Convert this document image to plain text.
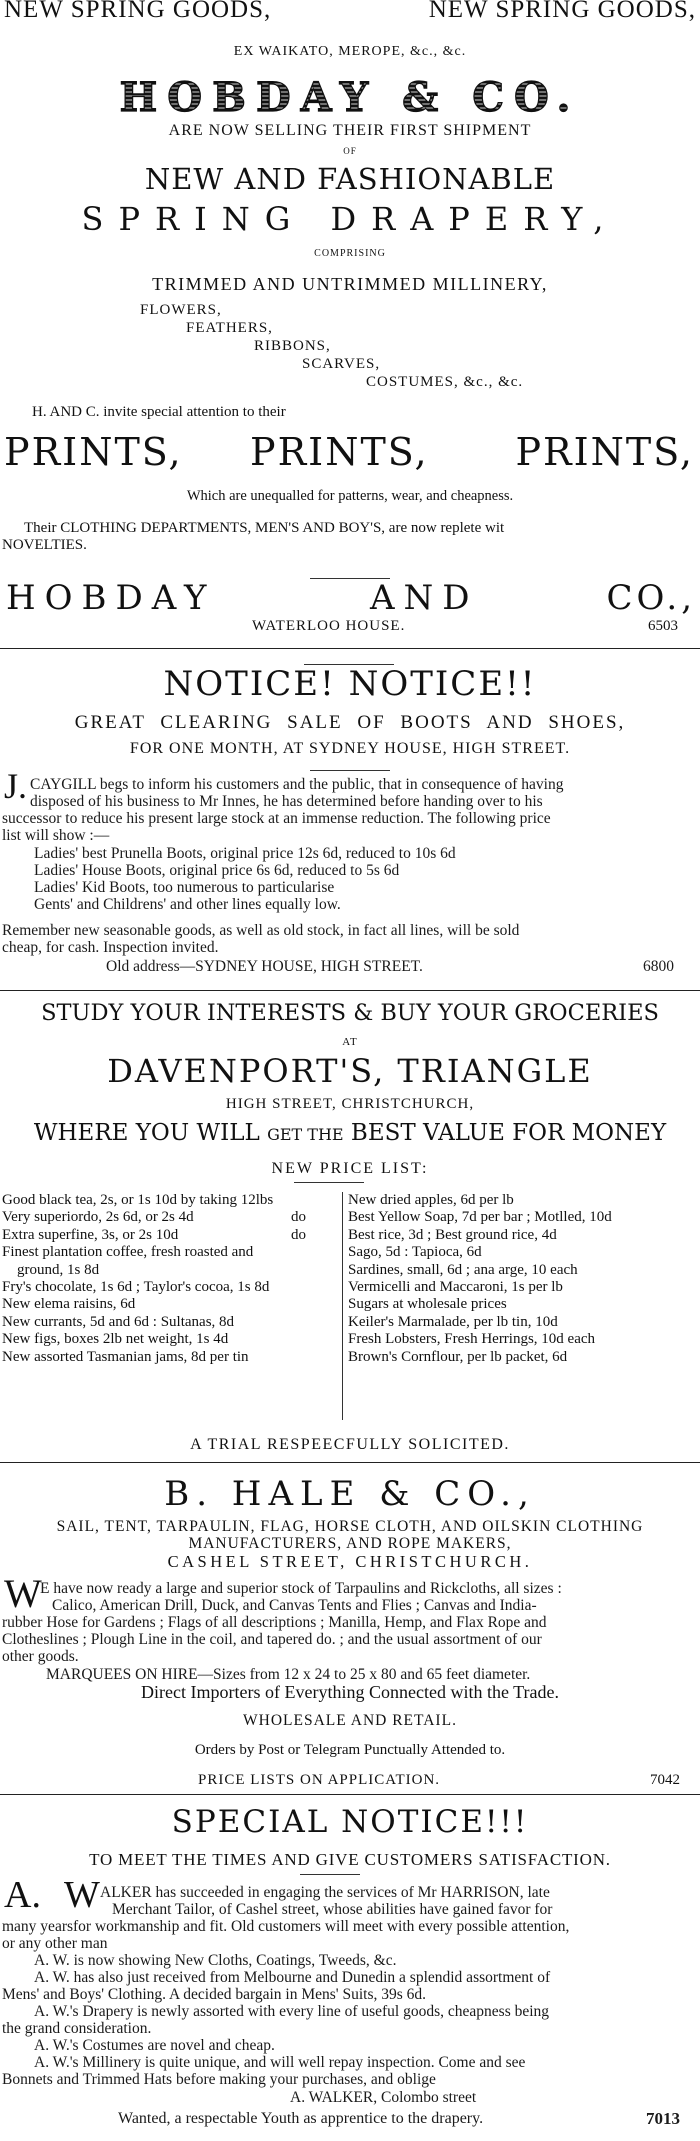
NEW SPRING GOODS,	NEW SPRING GOODS,
EX WAIKATO, MEROPE, &c., &c.
HOBDAY & CO.
ARE NOW SELLING THEIR FIRST SHIPMENT
OF
NEW AND FASHIONABLE
SPRING DRAPERY,
COMPRISING
TRIMMED AND UNTRIMMED MILLINERY,
FLOWERS,
FEATHERS,
RIBBONS,
SCARVES,
COSTUMES, &c., &c.
H. AND C. invite special attention to their
PRINTS, PRINTS, PRINTS,
Which are unequalled for patterns, wear, and cheapness.
Their CLOTHING DEPARTMENTS, MEN'S AND BOY'S, are now replete wit
NOVELTIES.
HOBDAY	AND	CO.,
WATERLOO HOUSE.	6503
NOTICE! NOTICE!!
GREAT CLEARING SALE OF BOOTS AND SHOES,
FOR ONE MONTH, AT SYDNEY HOUSE, HIGH STREET.
J. CAYGILL begs to inform his customers and the public, that in consequence of having
disposed of his business to Mr Innes, he has determined before handing over to his
successor to reduce his present large stock at an immense reduction. The following price
list will show :—
Ladies' best Prunella Boots, original price 12s 6d, reduced to 10s 6d
Ladies' House Boots, original price 6s 6d, reduced to 5s 6d
Ladies' Kid Boots, too numerous to particularise
Gents' and Childrens' and other lines equally low.
Remember new seasonable goods, as well as old stock, in fact all lines, will be sold
cheap, for cash. Inspection invited.
Old address—SYDNEY HOUSE, HIGH STREET.	6800
STUDY YOUR INTERESTS & BUY YOUR GROCERIES
AT
DAVENPORT'S, TRIANGLE
HIGH STREET, CHRISTCHURCH,
WHERE YOU WILL GET THE BEST VALUE FOR MONEY
NEW PRICE LIST:
Good black tea, 2s, or 1s 10d by taking 12lbs
Very superiordo, 2s 6d, or 2s 4d	do
Extra superfine, 3s, or 2s 10d	do
Finest plantation coffee, fresh roasted and
ground, 1s 8d
Fry's chocolate, 1s 6d ; Taylor's cocoa, 1s 8d
New elema raisins, 6d
New currants, 5d and 6d : Sultanas, 8d
New figs, boxes 2lb net weight, 1s 4d
New assorted Tasmanian jams, 8d per tin
New dried apples, 6d per lb
Best Yellow Soap, 7d per bar ; Motlled, 10d
Best rice, 3d ; Best ground rice, 4d
Sago, 5d : Tapioca, 6d
Sardines, small, 6d ; ana arge, 10 each
Vermicelli and Maccaroni, 1s per lb
Sugars at wholesale prices
Keiler's Marmalade, per lb tin, 10d
Fresh Lobsters, Fresh Herrings, 10d each
Brown's Cornflour, per lb packet, 6d
A TRIAL RESPEECFULLY SOLICITED.
B. HALE & CO.,
SAIL, TENT, TARPAULIN, FLAG, HORSE CLOTH, AND OILSKIN CLOTHING
MANUFACTURERS, AND ROPE MAKERS,
CASHEL STREET, CHRISTCHURCH.
W
E have now ready a large and superior stock of Tarpaulins and Rickcloths, all sizes :
Calico, American Drill, Duck, and Canvas Tents and Flies ; Canvas and India-
rubber Hose for Gardens ; Flags of all descriptions ; Manilla, Hemp, and Flax Rope and
Clotheslines ; Plough Line in the coil, and tapered do. ; and the usual assortment of our
other goods.
MARQUEES ON HIRE—Sizes from 12 x 24 to 25 x 80 and 65 feet diameter.
Direct Importers of Everything Connected with the Trade.
WHOLESALE AND RETAIL.
Orders by Post or Telegram Punctually Attended to.
PRICE LISTS ON APPLICATION.	7042
SPECIAL NOTICE!!!
TO MEET THE TIMES AND GIVE CUSTOMERS SATISFACTION.
A. W ALKER has succeeded in engaging the services of Mr HARRISON, late
Merchant Tailor, of Cashel street, whose abilities have gained favor for
many yearsfor workmanship and fit. Old customers will meet with every possible attention,
or any other man
A. W. is now showing New Cloths, Coatings, Tweeds, &c.
A. W. has also just received from Melbourne and Dunedin a splendid assortment of
Mens' and Boys' Clothing. A decided bargain in Mens' Suits, 39s 6d.
A. W.'s Drapery is newly assorted with every line of useful goods, cheapness being
the grand consideration.
A. W.'s Costumes are novel and cheap.
A. W.'s Millinery is quite unique, and will well repay inspection. Come and see
Bonnets and Trimmed Hats before making your purchases, and oblige
A. WALKER, Colombo street
Wanted, a respectable Youth as apprentice to the drapery.	7013
